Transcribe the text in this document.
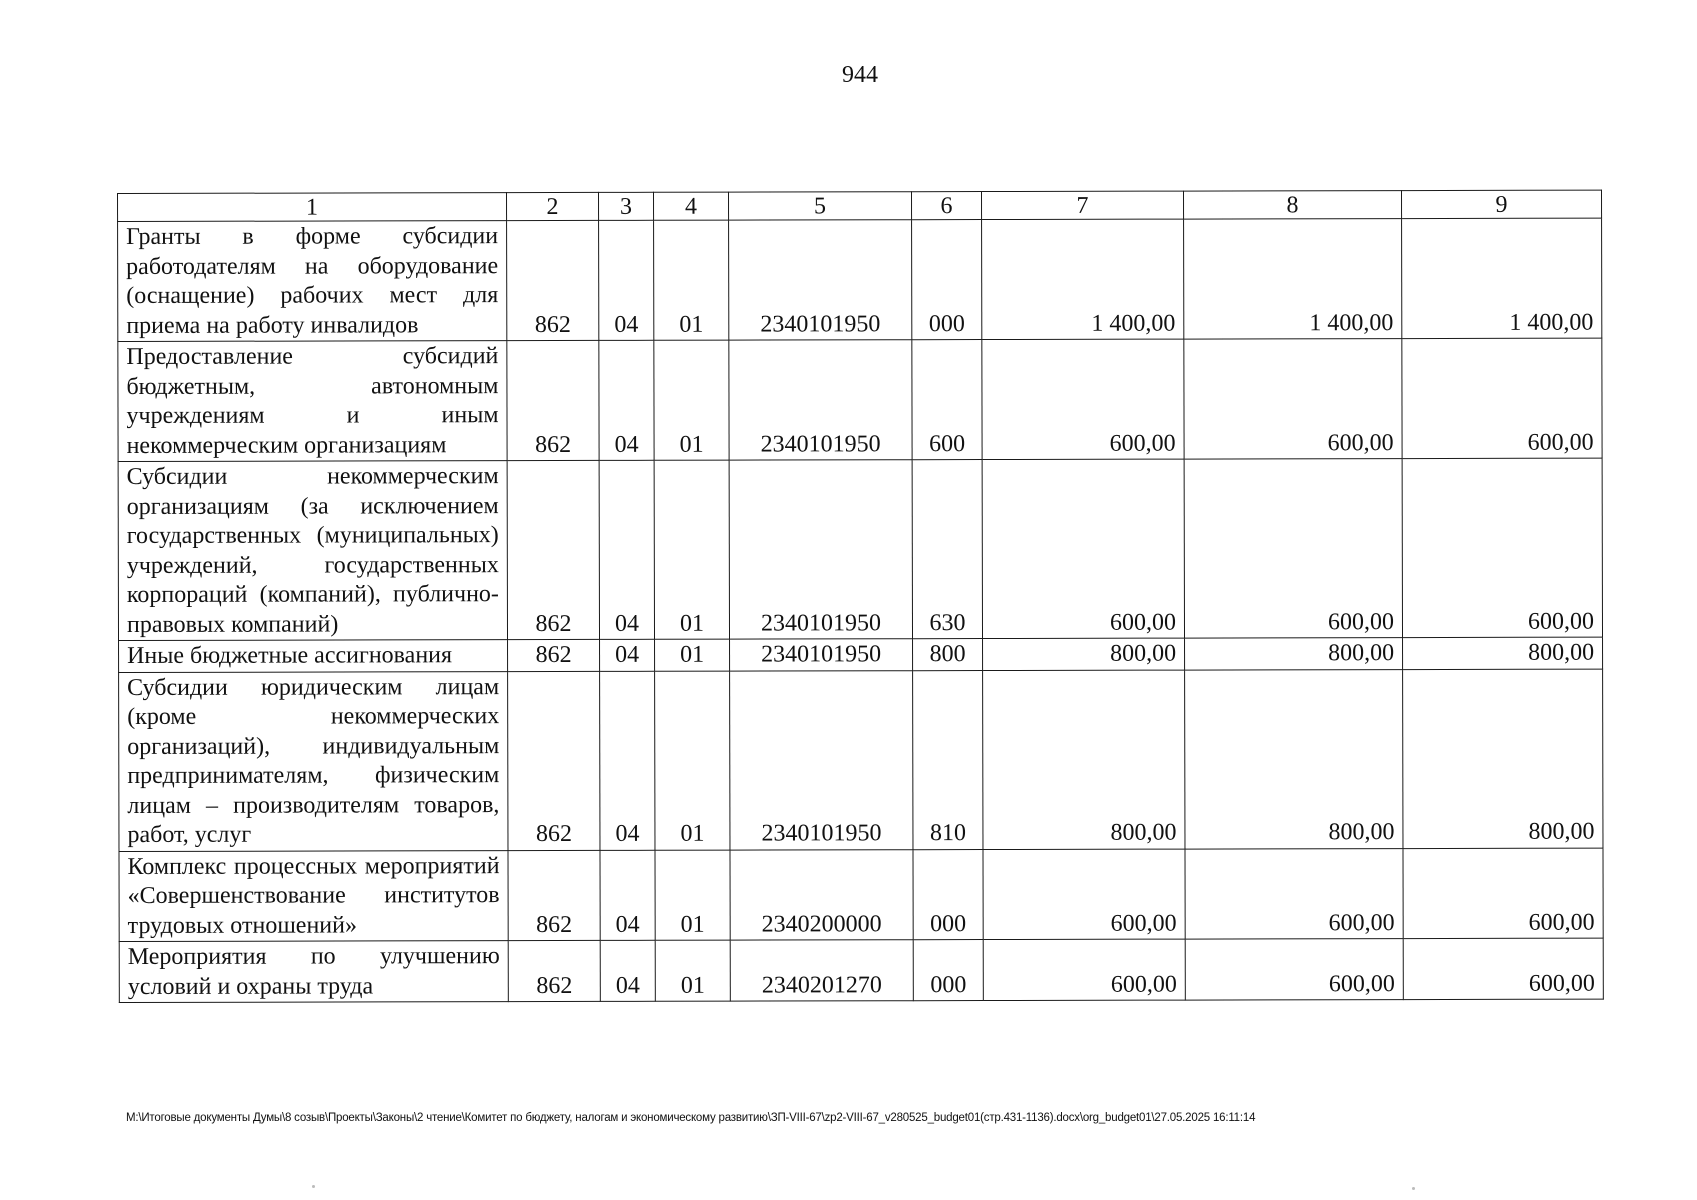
944
1	2	3	4	5	6	7	8	9
Гранты в форме субсидии работодателям на оборудование (оснащение) рабочих мест для приема на работу инвалидов	862	04	01	2340101950	000	1 400,00	1 400,00	1 400,00
Предоставление субсидий бюджетным, автономным учреждениям и иным некоммерческим организациям	862	04	01	2340101950	600	600,00	600,00	600,00
Субсидии некоммерческим организациям (за исключением государственных (муниципальных) учреждений, государственных корпораций (компаний), публично-правовых компаний)	862	04	01	2340101950	630	600,00	600,00	600,00
Иные бюджетные ассигнования	862	04	01	2340101950	800	800,00	800,00	800,00
Субсидии юридическим лицам (кроме некоммерческих организаций), индивидуальным предпринимателям, физическим лицам – производителям товаров, работ, услуг	862	04	01	2340101950	810	800,00	800,00	800,00
Комплекс процессных мероприятий «Совершенствование институтов трудовых отношений»	862	04	01	2340200000	000	600,00	600,00	600,00
Мероприятия по улучшению условий и охраны труда	862	04	01	2340201270	000	600,00	600,00	600,00
M:\Итоговые документы Думы\8 созыв\Проекты\Законы\2 чтение\Комитет по бюджету, налогам и экономическому развитию\ЗП-VIII-67\zp2-VIII-67_v280525_budget01(стр.431-1136).docx\org_budget01\27.05.2025 16:11:14
